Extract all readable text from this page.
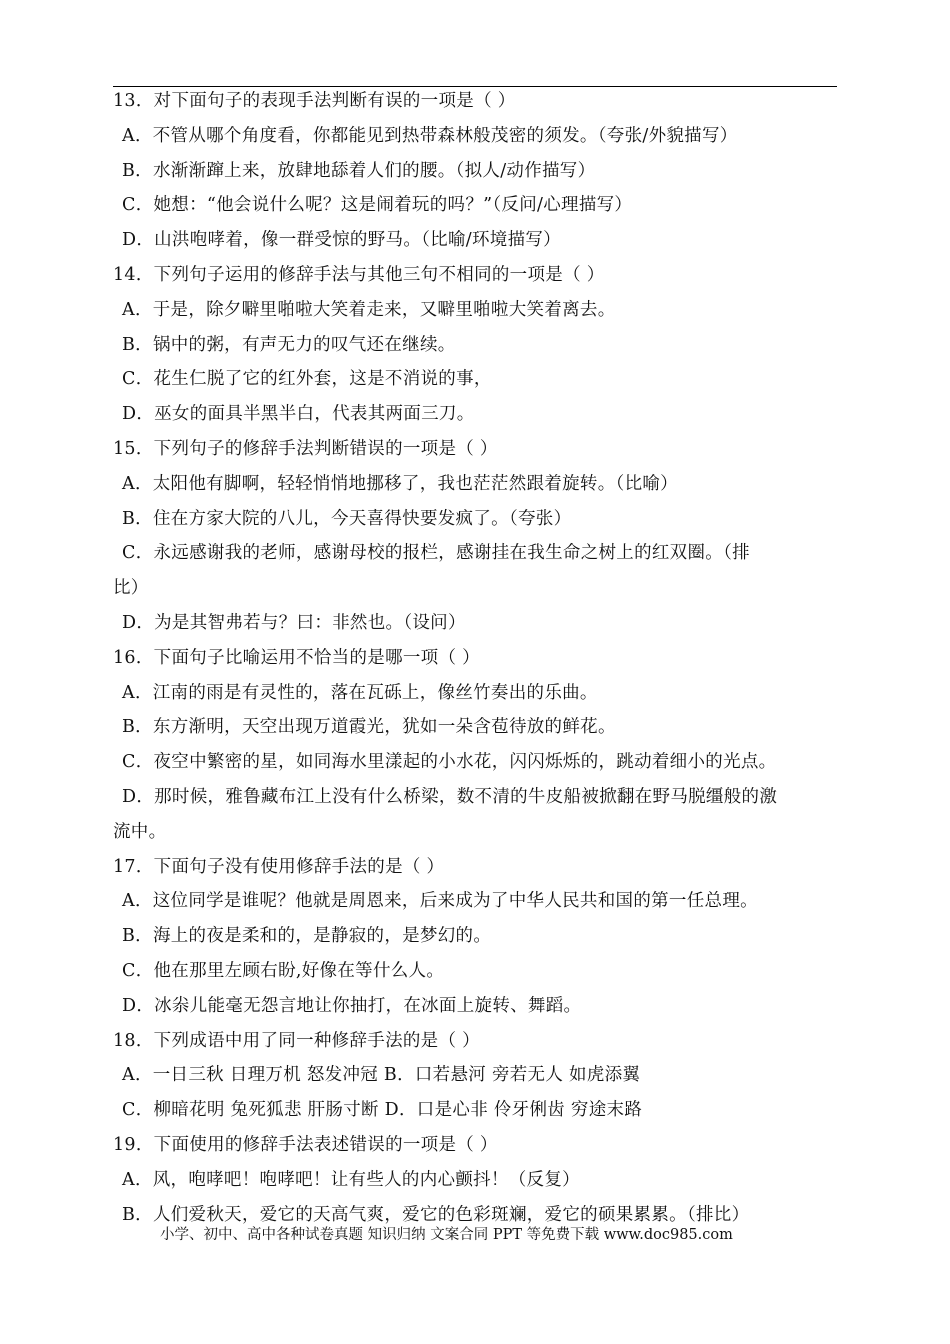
13．对下面句子的表现手法判断有误的一项是（ ）
A．不管从哪个角度看，你都能见到热带森林般茂密的须发。（夸张/外貌描写）
B．水渐渐蹿上来，放肆地舔着人们的腰。（拟人/动作描写）
C．她想：“他会说什么呢？这是闹着玩的吗？”（反问/心理描写）
D．山洪咆哮着，像一群受惊的野马。（比喻/环境描写）
14．下列句子运用的修辞手法与其他三句不相同的一项是（ ）
A．于是，除夕噼里啪啦大笑着走来，又噼里啪啦大笑着离去。
B．锅中的粥，有声无力的叹气还在继续。
C．花生仁脱了它的红外套，这是不消说的事，
D．巫女的面具半黑半白，代表其两面三刀。
15．下列句子的修辞手法判断错误的一项是（ ）
A．太阳他有脚啊，轻轻悄悄地挪移了，我也茫茫然跟着旋转。（比喻）
B．住在方家大院的八儿，今天喜得快要发疯了。（夸张）
C．永远感谢我的老师，感谢母校的报栏，感谢挂在我生命之树上的红双圈。（排
比）
D．为是其智弗若与？曰：非然也。（设问）
16．下面句子比喻运用不恰当的是哪一项（ ）
A．江南的雨是有灵性的，落在瓦砾上，像丝竹奏出的乐曲。
B．东方渐明，天空出现万道霞光，犹如一朵含苞待放的鲜花。
C．夜空中繁密的星，如同海水里漾起的小水花，闪闪烁烁的，跳动着细小的光点。
D．那时候，雅鲁藏布江上没有什么桥梁，数不清的牛皮船被掀翻在野马脱缰般的激
流中。
17．下面句子没有使用修辞手法的是（ ）
A．这位同学是谁呢？他就是周恩来，后来成为了中华人民共和国的第一任总理。
B．海上的夜是柔和的，是静寂的，是梦幻的。
C．他在那里左顾右盼,好像在等什么人。
D．冰尜儿能毫无怨言地让你抽打，在冰面上旋转、舞蹈。
18．下列成语中用了同一种修辞手法的是（ ）
A．一日三秋 日理万机 怒发冲冠 B．口若悬河 旁若无人 如虎添翼
C．柳暗花明 兔死狐悲 肝肠寸断 D．口是心非 伶牙俐齿 穷途末路
19．下面使用的修辞手法表述错误的一项是（ ）
A．风，咆哮吧！咆哮吧！让有些人的内心颤抖！（反复）
B．人们爱秋天，爱它的天高气爽，爱它的色彩斑斓，爱它的硕果累累。（排比）
小学、初中、高中各种试卷真题 知识归纳 文案合同 PPT 等免费下载 www.doc985.com
